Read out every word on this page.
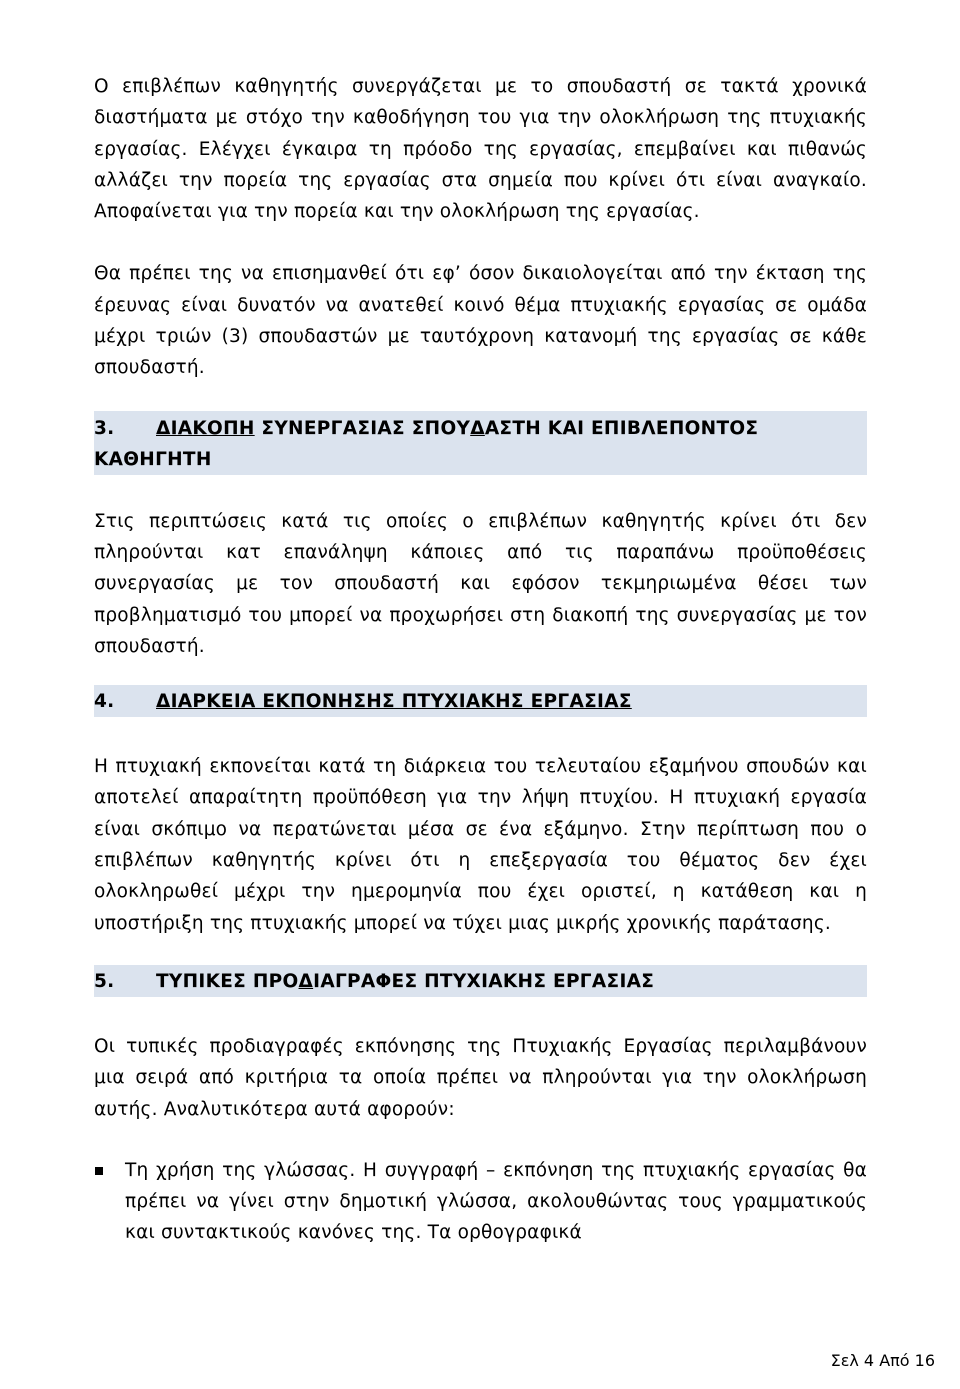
Ο επιβλέπων καθηγητής συνεργάζεται με το σπουδαστή σε τακτά χρονικά διαστήματα με στόχο την καθοδήγηση του για την ολοκλήρωση της πτυχιακής εργασίας. Ελέγχει έγκαιρα τη πρόοδο της εργασίας, επεμβαίνει και πιθανώς αλλάζει την πορεία της εργασίας στα σημεία που κρίνει ότι είναι αναγκαίο. Αποφαίνεται για την πορεία και την ολοκλήρωση της εργασίας.

Θα πρέπει της να επισημανθεί ότι εφ’ όσον δικαιολογείται από την έκταση της έρευνας είναι δυνατόν να ανατεθεί κοινό θέμα πτυχιακής εργασίας σε ομάδα μέχρι τριών (3) σπουδαστών με ταυτόχρονη κατανομή της εργασίας σε κάθε σπουδαστή.

3. ΔΙΑΚΟΠΗ ΣΥΝΕΡΓΑΣΙΑΣ ΣΠΟΥΔΑΣΤΗ ΚΑΙ ΕΠΙΒΛΕΠΟΝΤΟΣ ΚΑΘΗΓΗΤΗ

Στις περιπτώσεις κατά τις οποίες ο επιβλέπων καθηγητής κρίνει ότι δεν πληρούνται κατ επανάληψη κάποιες από τις παραπάνω προϋποθέσεις συνεργασίας με τον σπουδαστή και εφόσον τεκμηριωμένα θέσει των προβληματισμό του μπορεί να προχωρήσει στη διακοπή της συνεργασίας με τον σπουδαστή.

4. ΔΙΑΡΚΕΙΑ ΕΚΠΟΝΗΣΗΣ ΠΤΥΧΙΑΚΗΣ ΕΡΓΑΣΙΑΣ

Η πτυχιακή εκπονείται κατά τη διάρκεια του τελευταίου εξαμήνου σπουδών και αποτελεί απαραίτητη προϋπόθεση για την λήψη πτυχίου. Η πτυχιακή εργασία είναι σκόπιμο να περατώνεται μέσα σε ένα εξάμηνο. Στην περίπτωση που ο επιβλέπων καθηγητής κρίνει ότι η επεξεργασία του θέματος δεν έχει ολοκληρωθεί μέχρι την ημερομηνία που έχει οριστεί, η κατάθεση και η υποστήριξη της πτυχιακής μπορεί να τύχει μιας μικρής χρονικής παράτασης.

5. ΤΥΠΙΚΕΣ ΠΡΟΔΙΑΓΡΑΦΕΣ ΠΤΥΧΙΑΚΗΣ ΕΡΓΑΣΙΑΣ

Οι τυπικές προδιαγραφές εκπόνησης της Πτυχιακής Εργασίας περιλαμβάνουν μια σειρά από κριτήρια τα οποία πρέπει να πληρούνται για την ολοκλήρωση αυτής. Αναλυτικότερα αυτά αφορούν:

Τη χρήση της γλώσσας. Η συγγραφή – εκπόνηση της πτυχιακής εργασίας θα πρέπει να γίνει στην δημοτική γλώσσα, ακολουθώντας τους γραμματικούς και συντακτικούς κανόνες της. Τα ορθογραφικά

Σελ 4 Από 16
